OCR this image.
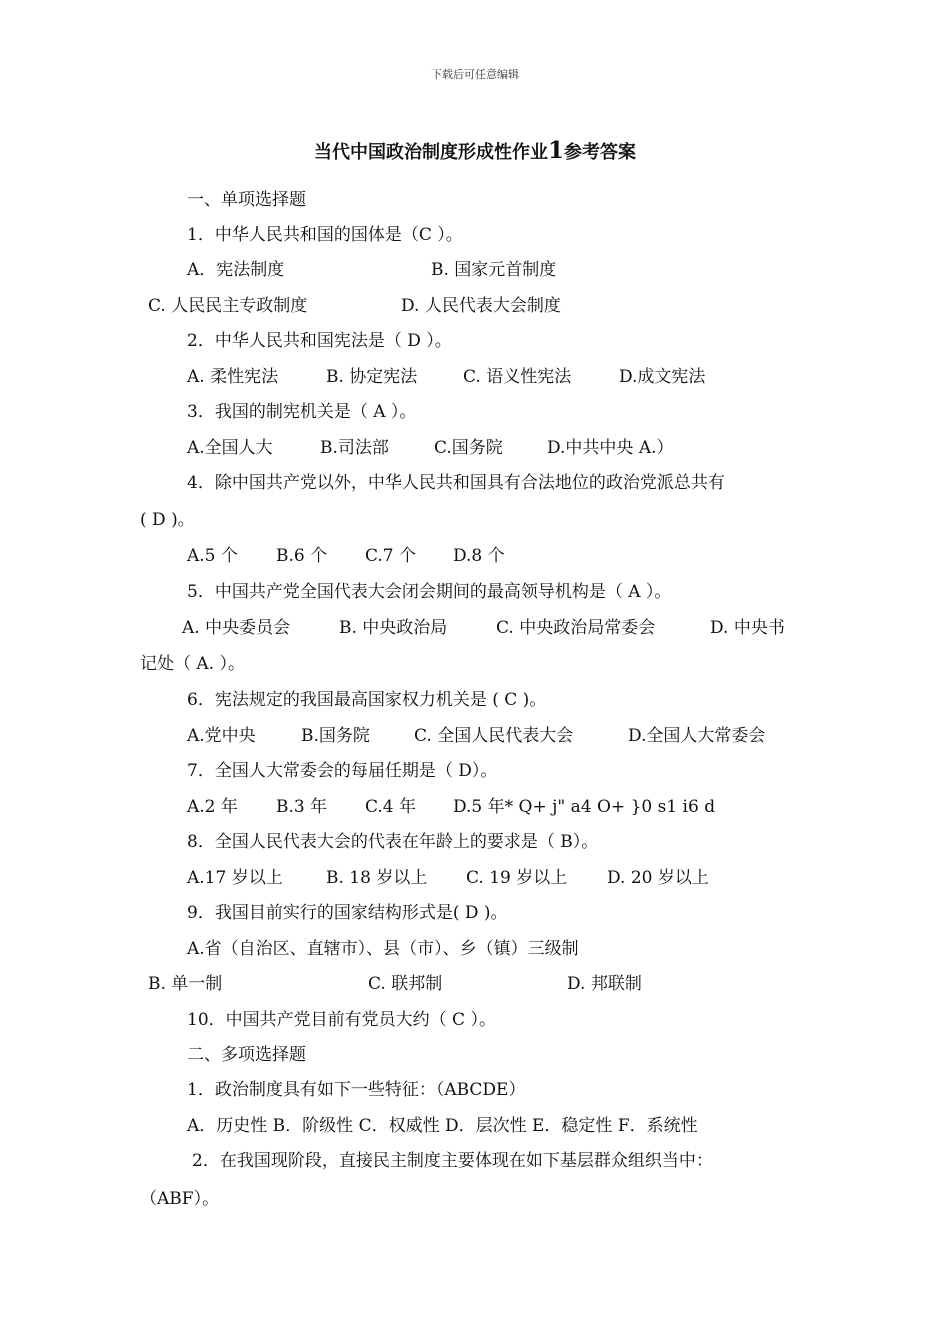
下载后可任意编辑
当代中国政治制度形成性作业1参考答案
一、单项选择题
1．中华人民共和国的国体是（C ）。
A．宪法制度	B. 国家元首制度
C. 人民民主专政制度	D. 人民代表大会制度
2．中华人民共和国宪法是（ D ）。
A. 柔性宪法	B. 协定宪法	C. 语义性宪法	D.成文宪法
3．我国的制宪机关是（ A ）。
A.全国人大	B.司法部	C.国务院	D.中共中央 A.）
4．除中国共产党以外，中华人民共和国具有合法地位的政治党派总共有
( D )。
A.5 个 B.6 个 C.7 个 D.8 个
5．中国共产党全国代表大会闭会期间的最高领导机构是（ A ）。
A. 中央委员会	B. 中央政治局	C. 中央政治局常委会	D. 中央书
记处（ A. ）。
6．宪法规定的我国最高国家权力机关是 ( C )。
A.党中央	B.国务院	C. 全国人民代表大会	D.全国人大常委会
7．全国人大常委会的每届任期是（ D）。
A.2 年 B.3 年 C.4 年 D.5 年* Q+ j" a4 O+ }0 s1 i6 d
8．全国人民代表大会的代表在年龄上的要求是（ B）。
A.17 岁以上	B. 18 岁以上 C. 19 岁以上 D. 20 岁以上
9．我国目前实行的国家结构形式是( D )。
A.省（自治区、直辖市）、县（市）、乡（镇）三级制
B. 单一制	C. 联邦制	D. 邦联制
10．中国共产党目前有党员大约（ C ）。
二、多项选择题
1．政治制度具有如下一些特征：（ABCDE）
A．历史性 B．阶级性 C．权威性 D．层次性 E．稳定性 F．系统性
2．在我国现阶段，直接民主制度主要体现在如下基层群众组织当中：
（ABF）。
